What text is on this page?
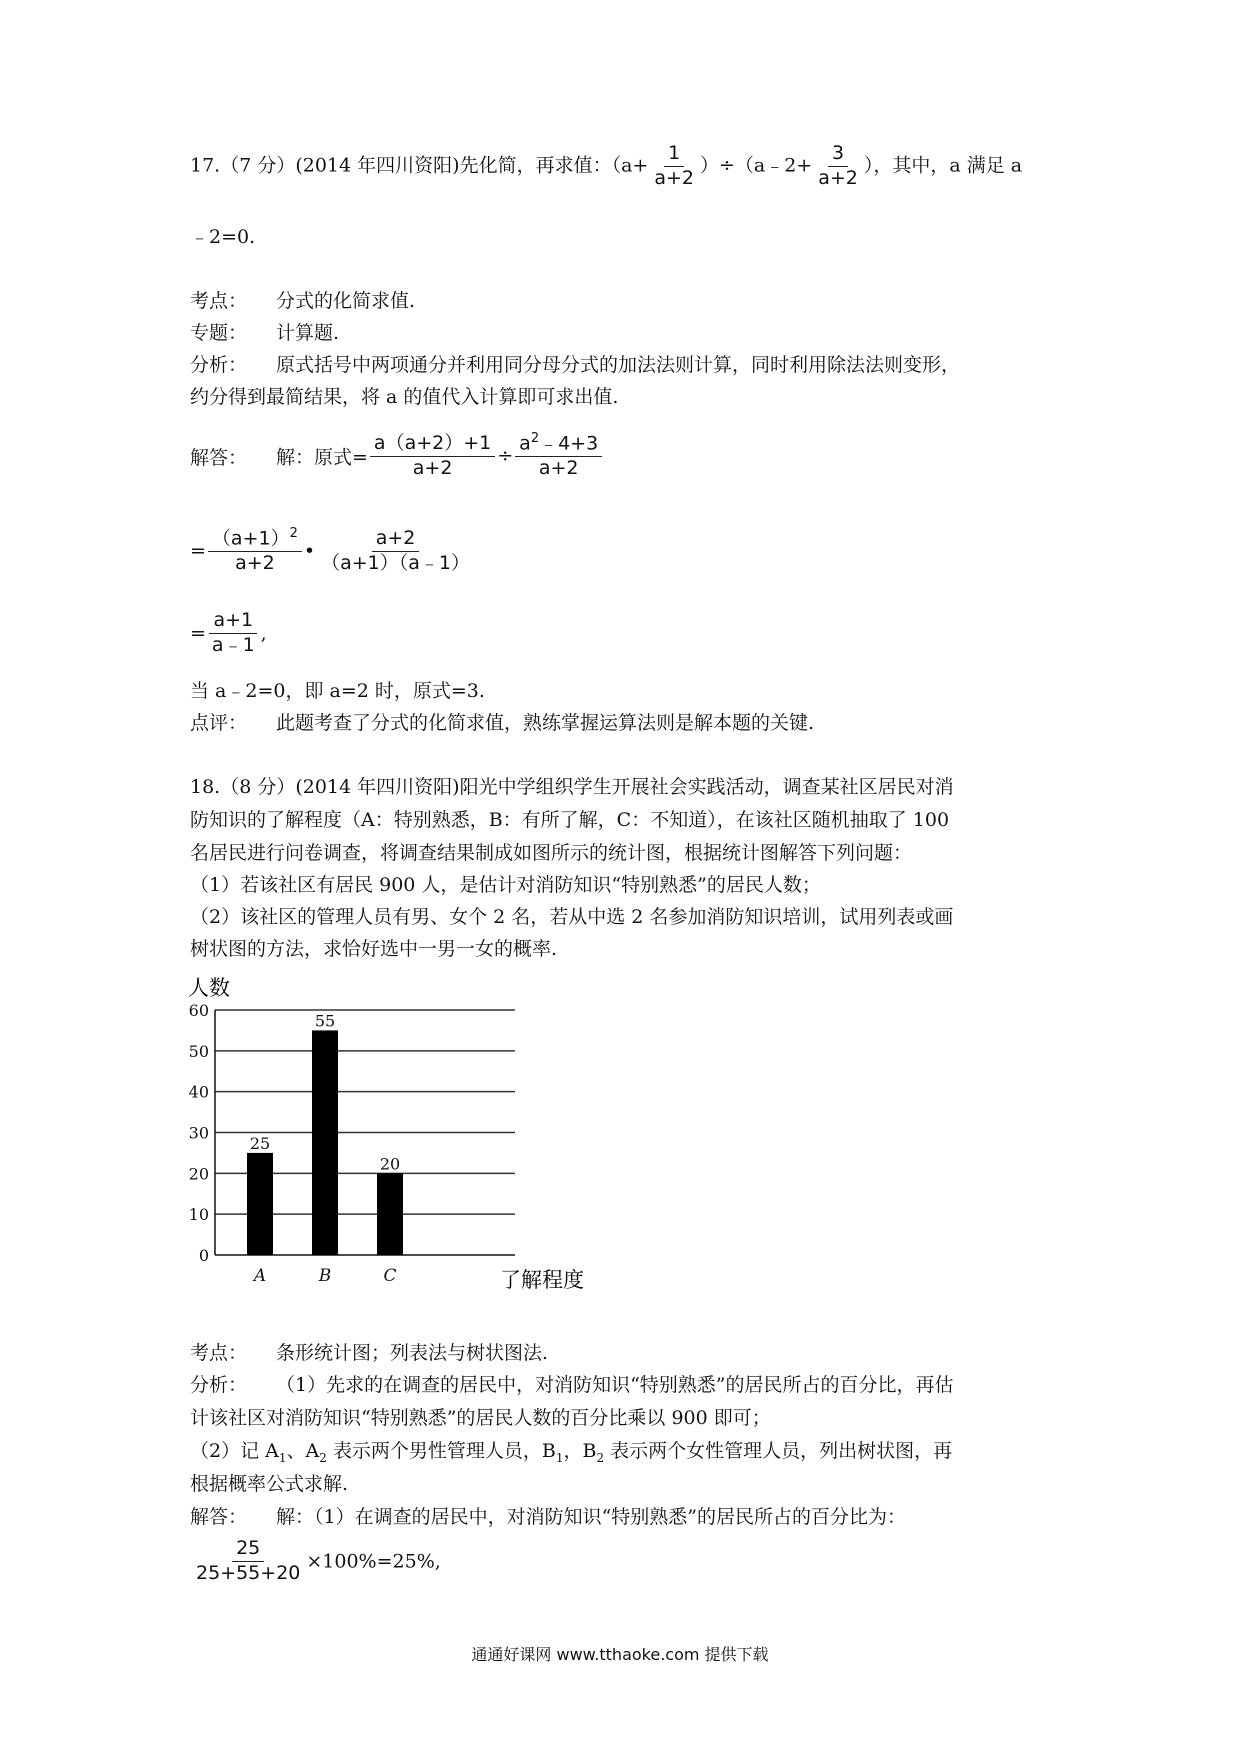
17.（7 分）(2014 年四川资阳)先化简，再求值：（$a+ \frac{1}{a+2}$ ）÷（a﹣2+ $\frac{3}{a+2}$ ），其中，a 满足 a
﹣2=0.
考点： 分式的化简求值.
专题： 计算题.
分析： 原式括号中两项通分并利用同分母分式的加法法则计算，同时利用除法法则变形，
约分得到最简结果，将 a 的值代入计算即可求出值.
解答： 解：原式= $\frac{a(a+2)+1}{a+2} \div \frac{a^2﹣4+3}{a+2}$
= $\frac{(a+1)^2}{a+2}$ • $\frac{a+2}{(a+1)(a﹣1)}$
= $\frac{a+1}{a﹣1}$ ,
当 a﹣2=0，即 a=2 时，原式=3.
点评： 此题考查了分式的化简求值，熟练掌握运算法则是解本题的关键.
18.（8 分）(2014 年四川资阳)阳光中学组织学生开展社会实践活动，调查某社区居民对消
防知识的了解程度（A：特别熟悉，B：有所了解，C：不知道），在该社区随机抽取了 100
名居民进行问卷调查，将调查结果制成如图所示的统计图，根据统计图解答下列问题：
（1）若该社区有居民 900 人，是估计对消防知识“特别熟悉”的居民人数；
（2）该社区的管理人员有男、女个 2 名，若从中选 2 名参加消防知识培训，试用列表或画
树状图的方法，求恰好选中一男一女的概率.
人数
0
10
20
30
40
50
60
25
55
20
A	B	C	了解程度
考点： 条形统计图；列表法与树状图法.
分析： （1）先求的在调查的居民中，对消防知识“特别熟悉”的居民所占的百分比，再估
计该社区对消防知识“特别熟悉”的居民人数的百分比乘以 900 即可；
（2）记 $A_1$、$A_2$ 表示两个男性管理人员，$B_1$，$B_2$ 表示两个女性管理人员，列出树状图，再
根据概率公式求解.
解答： 解：（1）在调查的居民中，对消防知识“特别熟悉”的居民所占的百分比为：
$\frac{25}{25+55+20} \times 100\%=25\%$,
通通好课网 www.tthaoke.com 提供下载
